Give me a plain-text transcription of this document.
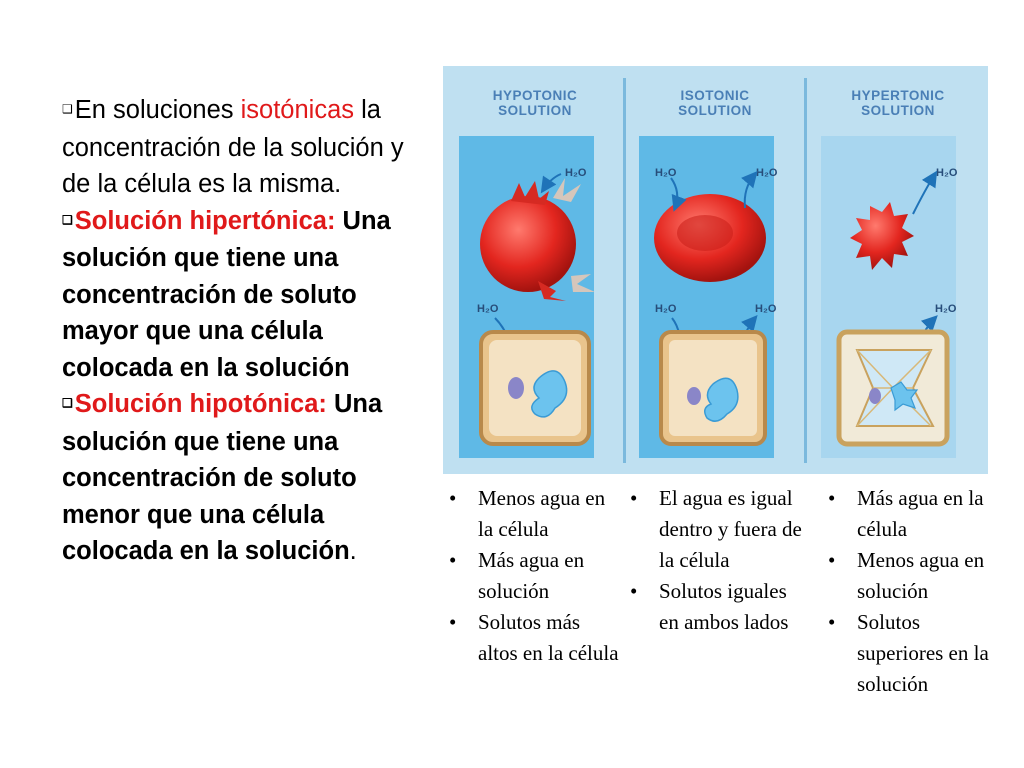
❑En soluciones isotónicas la concentración de la solución y de la célula es la misma.

❑Solución hipertónica: Una solución que tiene una concentración de soluto mayor que una célula colocada en la solución

❑Solución hipotónica: Una solución que tiene una concentración de soluto menor que una célula colocada en la solución.

HYPOTONIC
SOLUTION
ISOTONIC
SOLUTION
HYPERTONIC
SOLUTION
H₂O	H₂O	H₂O	H₂O
H₂O	H₂O	H₂O	H₂O
• Menos agua en la célula
• Más agua en solución
• Solutos más altos en la célula
• El agua es igual dentro y fuera de la célula
• Solutos iguales en ambos lados
• Más agua en la célula
• Menos agua en solución
• Solutos superiores en la solución
